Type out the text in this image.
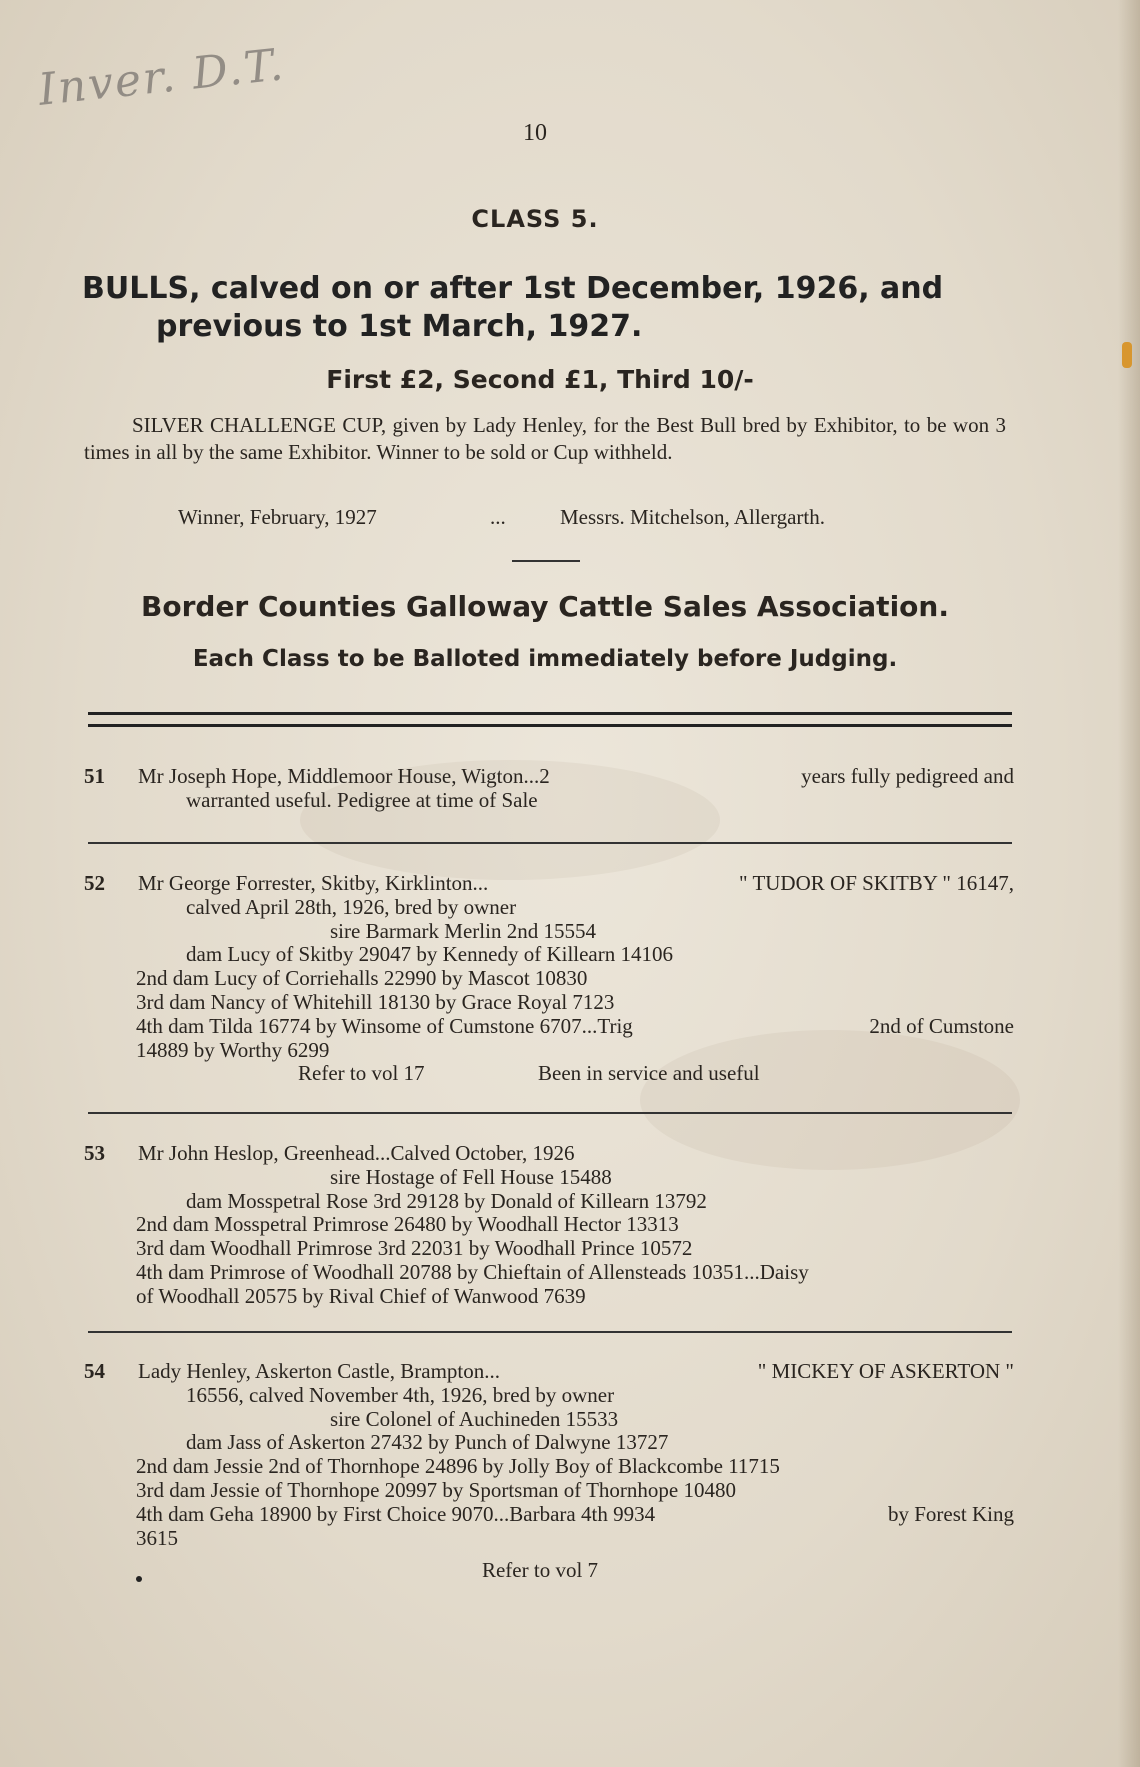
Inver. D.T.
10
CLASS 5.
BULLS, calved on or after 1st December, 1926, and
previous to 1st March, 1927.
First £2, Second £1, Third 10/-
SILVER CHALLENGE CUP, given by Lady Henley, for the Best Bull bred by Exhibitor, to be won 3 times in all by the same Exhibitor. Winner to be sold or Cup withheld.
Winner, February, 1927	...	Messrs. Mitchelson, Allergarth.
Border Counties Galloway Cattle Sales Association.
Each Class to be Balloted immediately before Judging.
51 Mr Joseph Hope, Middlemoor House, Wigton...2	years fully pedigreed and
warranted useful. Pedigree at time of Sale
52 Mr George Forrester, Skitby, Kirklinton...	" TUDOR OF SKITBY " 16147,
calved April 28th, 1926, bred by owner
sire Barmark Merlin 2nd 15554
dam Lucy of Skitby 29047 by Kennedy of Killearn 14106
2nd dam Lucy of Corriehalls 22990 by Mascot 10830
3rd dam Nancy of Whitehill 18130 by Grace Royal 7123
4th dam Tilda 16774 by Winsome of Cumstone 6707...Trig	2nd of Cumstone
14889 by Worthy 6299
Refer to vol 17	Been in service and useful
53 Mr John Heslop, Greenhead...Calved October, 1926
sire Hostage of Fell House 15488
dam Mosspetral Rose 3rd 29128 by Donald of Killearn 13792
2nd dam Mosspetral Primrose 26480 by Woodhall Hector 13313
3rd dam Woodhall Primrose 3rd 22031 by Woodhall Prince 10572
4th dam Primrose of Woodhall 20788 by Chieftain of Allensteads 10351...Daisy
of Woodhall 20575 by Rival Chief of Wanwood 7639
54 Lady Henley, Askerton Castle, Brampton...	" MICKEY OF ASKERTON "
16556, calved November 4th, 1926, bred by owner
sire Colonel of Auchineden 15533
dam Jass of Askerton 27432 by Punch of Dalwyne 13727
2nd dam Jessie 2nd of Thornhope 24896 by Jolly Boy of Blackcombe 11715
3rd dam Jessie of Thornhope 20997 by Sportsman of Thornhope 10480
4th dam Geha 18900 by First Choice 9070...Barbara 4th 9934	by Forest King
3615
Refer to vol 7
